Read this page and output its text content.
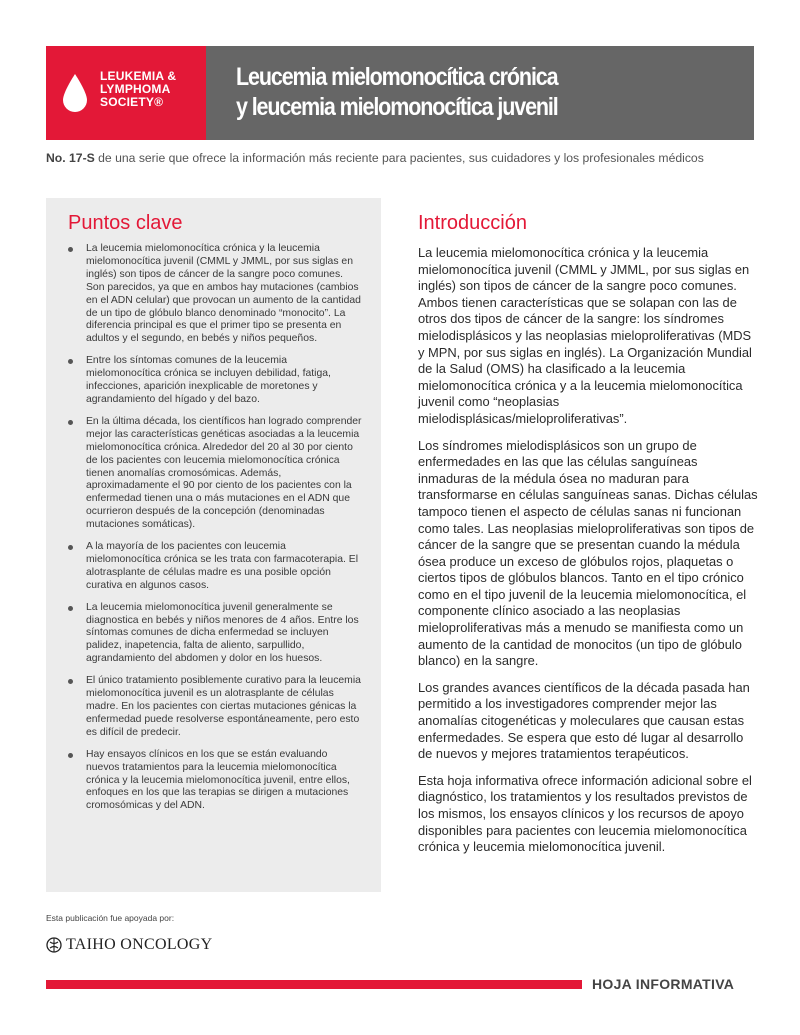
LEUKEMIA &
LYMPHOMA
SOCIETY®
Leucemia mielomonocítica crónica
y leucemia mielomonocítica juvenil
No. 17-S de una serie que ofrece la información más reciente para pacientes, sus cuidadores y los profesionales médicos
Puntos clave
La leucemia mielomonocítica crónica y la leucemia mielomonocítica juvenil (CMML y JMML, por sus siglas en inglés) son tipos de cáncer de la sangre poco comunes. Son parecidos, ya que en ambos hay mutaciones (cambios en el ADN celular) que provocan un aumento de la cantidad de un tipo de glóbulo blanco denominado “monocito”. La diferencia principal es que el primer tipo se presenta en adultos y el segundo, en bebés y niños pequeños.
Entre los síntomas comunes de la leucemia mielomonocítica crónica se incluyen debilidad, fatiga, infecciones, aparición inexplicable de moretones y agrandamiento del hígado y del bazo.
En la última década, los científicos han logrado comprender mejor las características genéticas asociadas a la leucemia mielomonocítica crónica. Alrededor del 20 al 30 por ciento de los pacientes con leucemia mielomonocítica crónica tienen anomalías cromosómicas. Además, aproximadamente el 90 por ciento de los pacientes con la enfermedad tienen una o más mutaciones en el ADN que ocurrieron después de la concepción (denominadas mutaciones somáticas).
A la mayoría de los pacientes con leucemia mielomonocítica crónica se les trata con farmacoterapia. El alotrasplante de células madre es una posible opción curativa en algunos casos.
La leucemia mielomonocítica juvenil generalmente se diagnostica en bebés y niños menores de 4 años. Entre los síntomas comunes de dicha enfermedad se incluyen palidez, inapetencia, falta de aliento, sarpullido, agrandamiento del abdomen y dolor en los huesos.
El único tratamiento posiblemente curativo para la leucemia mielomonocítica juvenil es un alotrasplante de células madre. En los pacientes con ciertas mutaciones génicas la enfermedad puede resolverse espontáneamente, pero esto es difícil de predecir.
Hay ensayos clínicos en los que se están evaluando nuevos tratamientos para la leucemia mielomonocítica crónica y la leucemia mielomonocítica juvenil, entre ellos, enfoques en los que las terapias se dirigen a mutaciones cromosómicas y del ADN.
Introducción

La leucemia mielomonocítica crónica y la leucemia mielomonocítica juvenil (CMML y JMML, por sus siglas en inglés) son tipos de cáncer de la sangre poco comunes. Ambos tienen características que se solapan con las de otros dos tipos de cáncer de la sangre: los síndromes mielodisplásicos y las neoplasias mieloproliferativas (MDS y MPN, por sus siglas en inglés). La Organización Mundial de la Salud (OMS) ha clasificado a la leucemia mielomonocítica crónica y a la leucemia mielomonocítica juvenil como “neoplasias mielodisplásicas/mieloproliferativas”.

Los síndromes mielodisplásicos son un grupo de enfermedades en las que las células sanguíneas inmaduras de la médula ósea no maduran para transformarse en células sanguíneas sanas. Dichas células tampoco tienen el aspecto de células sanas ni funcionan como tales. Las neoplasias mieloproliferativas son tipos de cáncer de la sangre que se presentan cuando la médula ósea produce un exceso de glóbulos rojos, plaquetas o ciertos tipos de glóbulos blancos. Tanto en el tipo crónico como en el tipo juvenil de la leucemia mielomonocítica, el componente clínico asociado a las neoplasias mieloproliferativas más a menudo se manifiesta como un aumento de la cantidad de monocitos (un tipo de glóbulo blanco) en la sangre.

Los grandes avances científicos de la década pasada han permitido a los investigadores comprender mejor las anomalías citogenéticas y moleculares que causan estas enfermedades. Se espera que esto dé lugar al desarrollo de nuevos y mejores tratamientos terapéuticos.

Esta hoja informativa ofrece información adicional sobre el diagnóstico, los tratamientos y los resultados previstos de los mismos, los ensayos clínicos y los recursos de apoyo disponibles para pacientes con leucemia mielomonocítica crónica y leucemia mielomonocítica juvenil.

Esta publicación fue apoyada por:
TAIHO ONCOLOGY
HOJA INFORMATIVA
